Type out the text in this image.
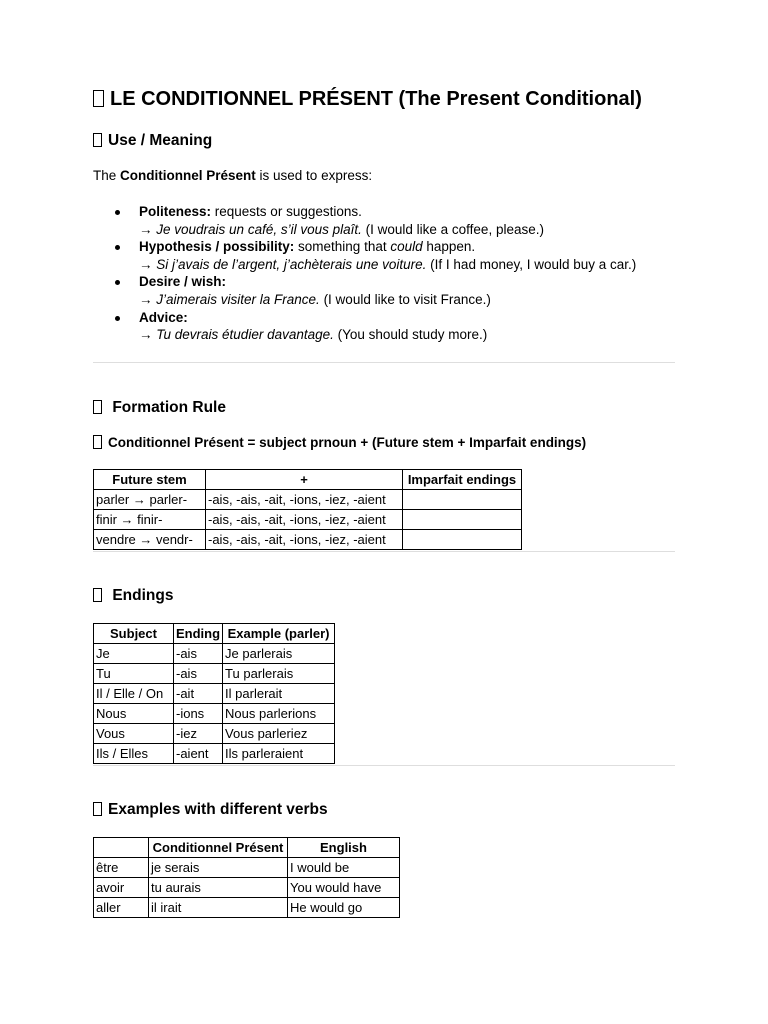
LE CONDITIONNEL PRÉSENT (The Present Conditional)
Use / Meaning

The Conditionnel Présent is used to express:

Politeness: requests or suggestions.
→ Je voudrais un café, s’il vous plaît. (I would like a coffee, please.)
Hypothesis / possibility: something that could happen.
→ Si j’avais de l’argent, j’achèterais une voiture. (If I had money, I would buy a car.)
Desire / wish:
→ J’aimerais visiter la France. (I would like to visit France.)
Advice:
→ Tu devrais étudier davantage. (You should study more.)
Formation Rule
Conditionnel Présent = subject prnoun + (Future stem + Imparfait endings)
Future stem	+	Imparfait endings
parler → parler-	-ais, -ais, -ait, -ions, -iez, -aient	
finir → finir-	-ais, -ais, -ait, -ions, -iez, -aient	
vendre → vendr-	-ais, -ais, -ait, -ions, -iez, -aient	
Endings
Subject	Ending	Example (parler)
Je	-ais	Je parlerais
Tu	-ais	Tu parlerais
Il / Elle / On	-ait	Il parlerait
Nous	-ions	Nous parlerions
Vous	-iez	Vous parleriez
Ils / Elles	-aient	Ils parleraient
Examples with different verbs
	Conditionnel Présent	English
être	je serais	I would be
avoir	tu aurais	You would have
aller	il irait	He would go
